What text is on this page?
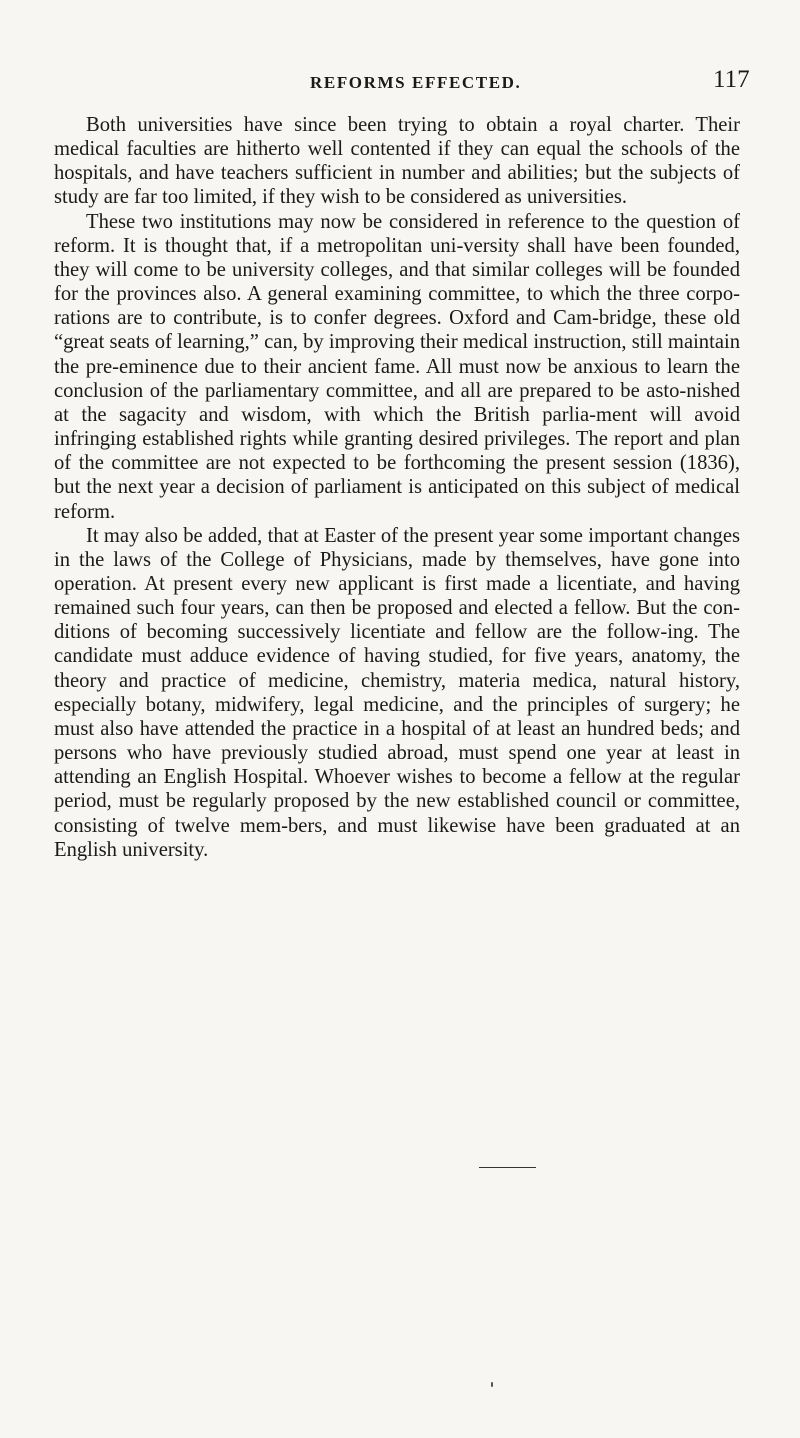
REFORMS EFFECTED.	117

Both universities have since been trying to obtain a royal charter. Their medical faculties are hitherto well contented if they can equal the schools of the hospitals, and have teachers sufficient in number and abilities; but the subjects of study are far too limited, if they wish to be considered as universities.

These two institutions may now be considered in reference to the question of reform. It is thought that, if a metropolitan uni-versity shall have been founded, they will come to be university colleges, and that similar colleges will be founded for the provinces also. A general examining committee, to which the three corpo-rations are to contribute, is to confer degrees. Oxford and Cam-bridge, these old “great seats of learning,” can, by improving their medical instruction, still maintain the pre-eminence due to their ancient fame. All must now be anxious to learn the conclusion of the parliamentary committee, and all are prepared to be asto-nished at the sagacity and wisdom, with which the British parlia-ment will avoid infringing established rights while granting desired privileges. The report and plan of the committee are not expected to be forthcoming the present session (1836), but the next year a decision of parliament is anticipated on this subject of medical reform.

It may also be added, that at Easter of the present year some important changes in the laws of the College of Physicians, made by themselves, have gone into operation. At present every new applicant is first made a licentiate, and having remained such four years, can then be proposed and elected a fellow. But the con-ditions of becoming successively licentiate and fellow are the follow-ing. The candidate must adduce evidence of having studied, for five years, anatomy, the theory and practice of medicine, chemistry, materia medica, natural history, especially botany, midwifery, legal medicine, and the principles of surgery; he must also have attended the practice in a hospital of at least an hundred beds; and persons who have previously studied abroad, must spend one year at least in attending an English Hospital. Whoever wishes to become a fellow at the regular period, must be regularly proposed by the new established council or committee, consisting of twelve mem-bers, and must likewise have been graduated at an English university.
